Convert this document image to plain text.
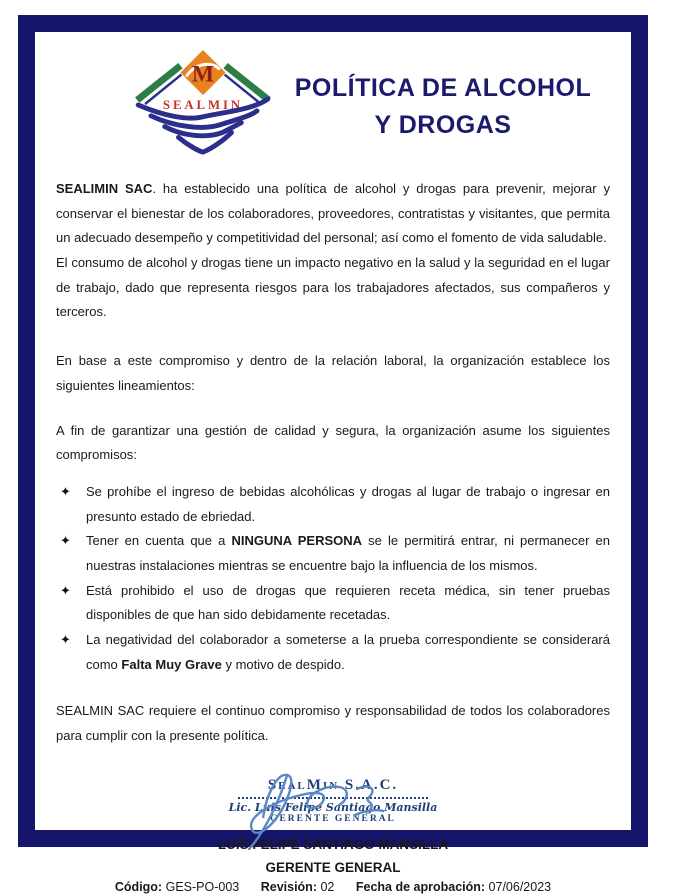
M
SEALMIN
POLÍTICA DE ALCOHOL
Y DROGAS

SEALIMIN SAC. ha establecido una política de alcohol y drogas para prevenir, mejorar y conservar el bienestar de los colaboradores, proveedores, contratistas y visitantes, que permita un adecuado desempeño y competitividad del personal; así como el fomento de vida saludable.

El consumo de alcohol y drogas tiene un impacto negativo en la salud y la seguridad en el lugar de trabajo, dado que representa riesgos para los trabajadores afectados, sus compañeros y terceros.

En base a este compromiso y dentro de la relación laboral, la organización establece los siguientes lineamientos:

A fin de garantizar una gestión de calidad y segura, la organización asume los siguientes compromisos:

✦	Se prohíbe el ingreso de bebidas alcohólicas y drogas al lugar de trabajo o ingresar en presunto estado de ebriedad.
✦	Tener en cuenta que a NINGUNA PERSONA se le permitirá entrar, ni permanecer en nuestras instalaciones mientras se encuentre bajo la influencia de los mismos.
✦	Está prohibido el uso de drogas que requieren receta médica, sin tener pruebas disponibles de que han sido debidamente recetadas.
✦	La negatividad del colaborador a someterse a la prueba correspondiente se considerará como Falta Muy Grave y motivo de despido.

SEALMIN SAC requiere el continuo compromiso y responsabilidad de todos los colaboradores para cumplir con la presente política.

SealMin S.A.C.
Lic. Luis Felipe Santiago Mansilla
GERENTE GENERAL
LUIS FELIPE SANTIAGO MANSILLA
GERENTE GENERAL
Código: GES-PO-003 Revisión: 02 Fecha de aprobación: 07/06/2023
